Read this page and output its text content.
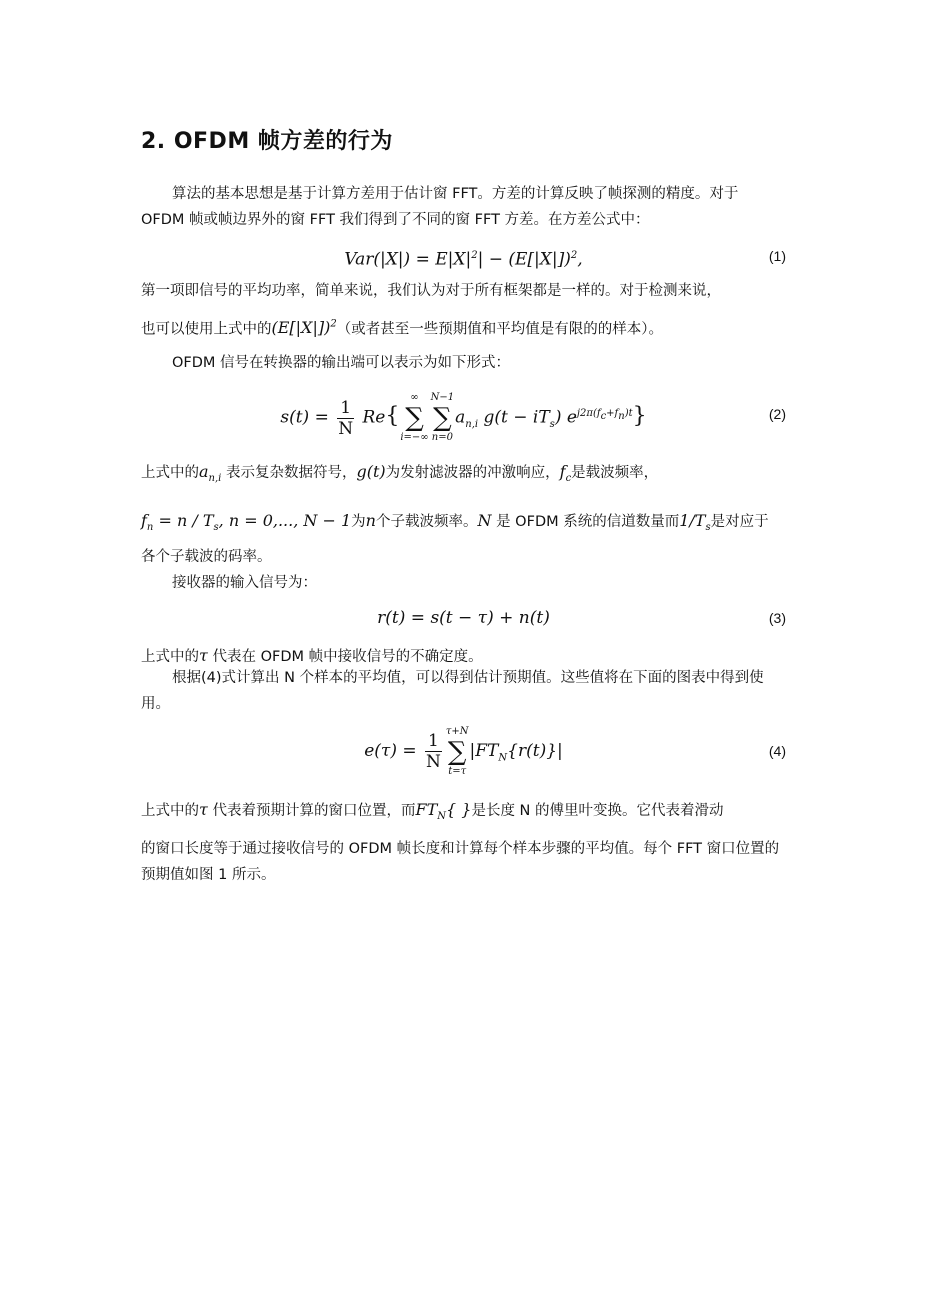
2. OFDM 帧方差的行为
算法的基本思想是基于计算方差用于估计窗 FFT。方差的计算反映了帧探测的精度。对于 OFDM 帧或帧边界外的窗 FFT 我们得到了不同的窗 FFT 方差。在方差公式中：
$Var(|X|) = E|X|^2| - (E[|X|])^2$,	(1)
第一项即信号的平均功率，简单来说，我们认为对于所有框架都是一样的。对于检测来说，
也可以使用上式中的$(E[|X|])^2$（或者甚至一些预期值和平均值是有限的的样本）。
OFDM 信号在转换器的输出端可以表示为如下形式：
$s(t) = \frac{1}{N} Re${
∞
∑
i=−∞
N−1
∑
n=0
$a_{n,i}$ $g(t - iT_s)$ $e^{j2\pi(f_c+f_n)t}$}	(2)
上式中的$a_{n,i}$ 表示复杂数据符号，g(t)为发射滤波器的冲激响应，$f_c$是载波频率，
$f_n = n / T_s$, n = 0,..., N − 1为n个子载波频率。N 是 OFDM 系统的信道数量而$1/T_s$是对应于
各个子载波的码率。
接收器的输入信号为：
r(t) = s(t − τ) + n(t)	(3)
上式中的τ 代表在 OFDM 帧中接收信号的不确定度。
根据(4)式计算出 N 个样本的平均值，可以得到估计预期值。这些值将在下面的图表中得到使用。
$e(\tau) = \frac{1}{N} \tau+N$
∑
t=τ
$|FT_N\{r(t)\}|$	(4)
上式中的τ 代表着预期计算的窗口位置，而$FT_N${ }是长度 N 的傅里叶变换。它代表着滑动
的窗口长度等于通过接收信号的 OFDM 帧长度和计算每个样本步骤的平均值。每个 FFT 窗口位置的预期值如图 1 所示。
